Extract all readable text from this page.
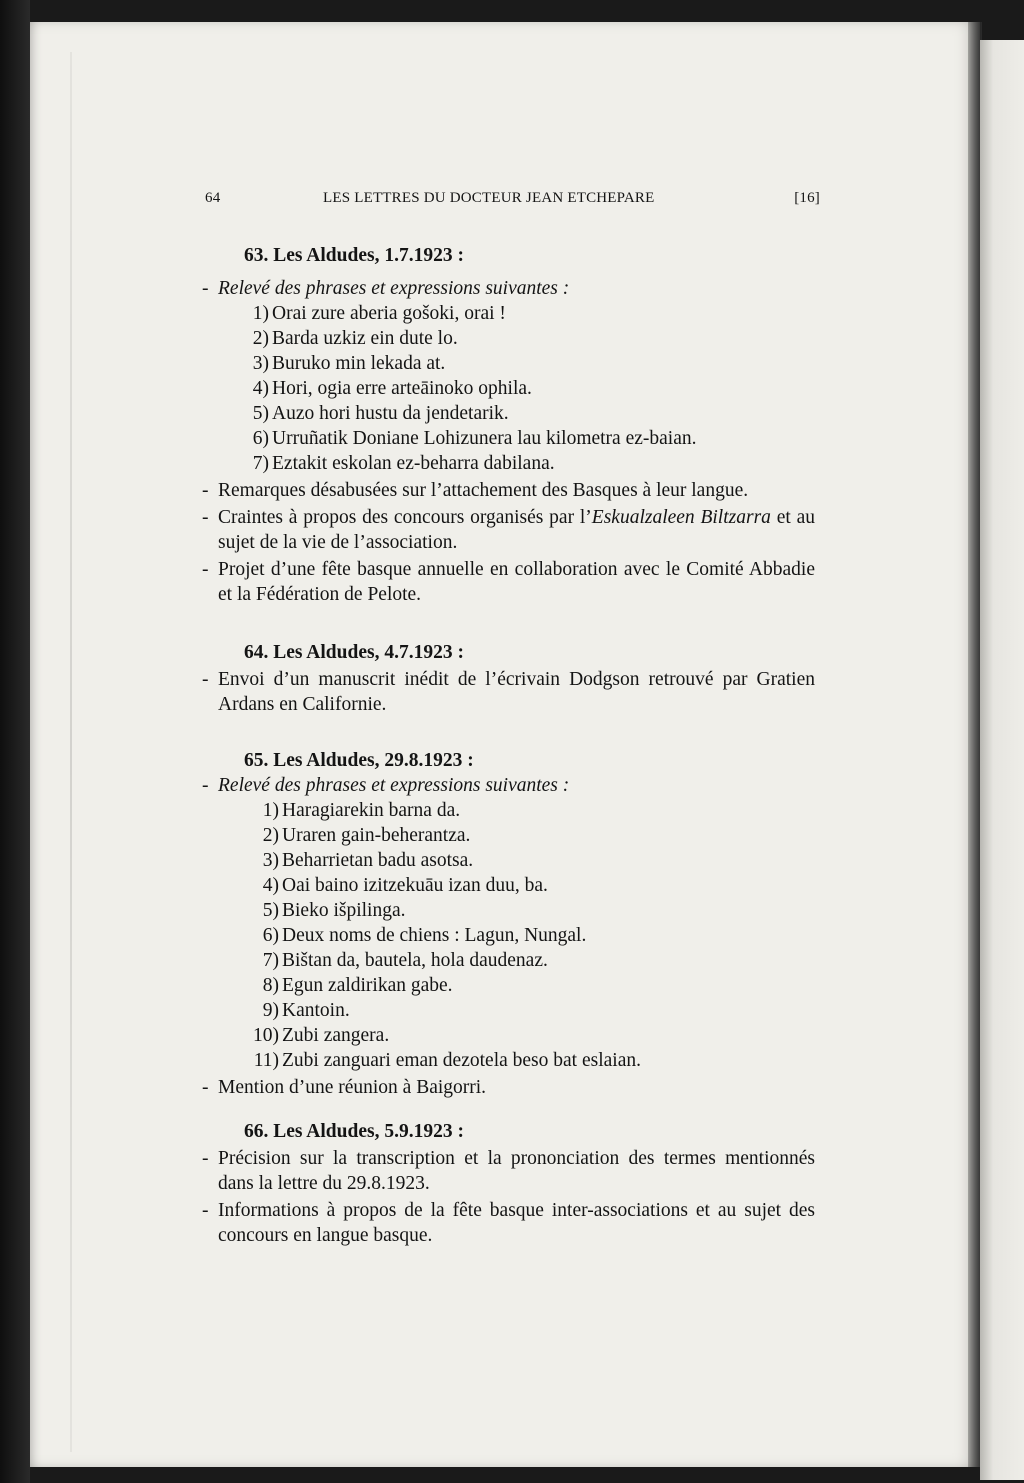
64	LES LETTRES DU DOCTEUR JEAN ETCHEPARE	[16]
63. Les Aldudes, 1.7.1923 :
- Relevé des phrases et expressions suivantes :
1) Orai zure aberia gošoki, orai !
2) Barda uzkiz ein dute lo.
3) Buruko min lekada at.
4) Hori, ogia erre arteāinoko ophila.
5) Auzo hori hustu da jendetarik.
6) Urruñatik Doniane Lohizunera lau kilometra ez-baian.
7) Eztakit eskolan ez-beharra dabilana.
- Remarques désabusées sur l’attachement des Basques à leur langue.
- Craintes à propos des concours organisés par l’Eskualzaleen Biltzarra et au sujet de la vie de l’association.
- Projet d’une fête basque annuelle en collaboration avec le Comité Abbadie et la Fédération de Pelote.
64. Les Aldudes, 4.7.1923 :
- Envoi d’un manuscrit inédit de l’écrivain Dodgson retrouvé par Gratien Ardans en Californie.
65. Les Aldudes, 29.8.1923 :
- Relevé des phrases et expressions suivantes :
1) Haragiarekin barna da.
2) Uraren gain-beherantza.
3) Beharrietan badu asotsa.
4) Oai baino izitzekuāu izan duu, ba.
5) Bieko išpilinga.
6) Deux noms de chiens : Lagun, Nungal.
7) Bištan da, bautela, hola daudenaz.
8) Egun zaldirikan gabe.
9) Kantoin.
10) Zubi zangera.
11) Zubi zanguari eman dezotela beso bat eslaian.
- Mention d’une réunion à Baigorri.
66. Les Aldudes, 5.9.1923 :
- Précision sur la transcription et la prononciation des termes mentionnés dans la lettre du 29.8.1923.
- Informations à propos de la fête basque inter-associations et au sujet des concours en langue basque.
